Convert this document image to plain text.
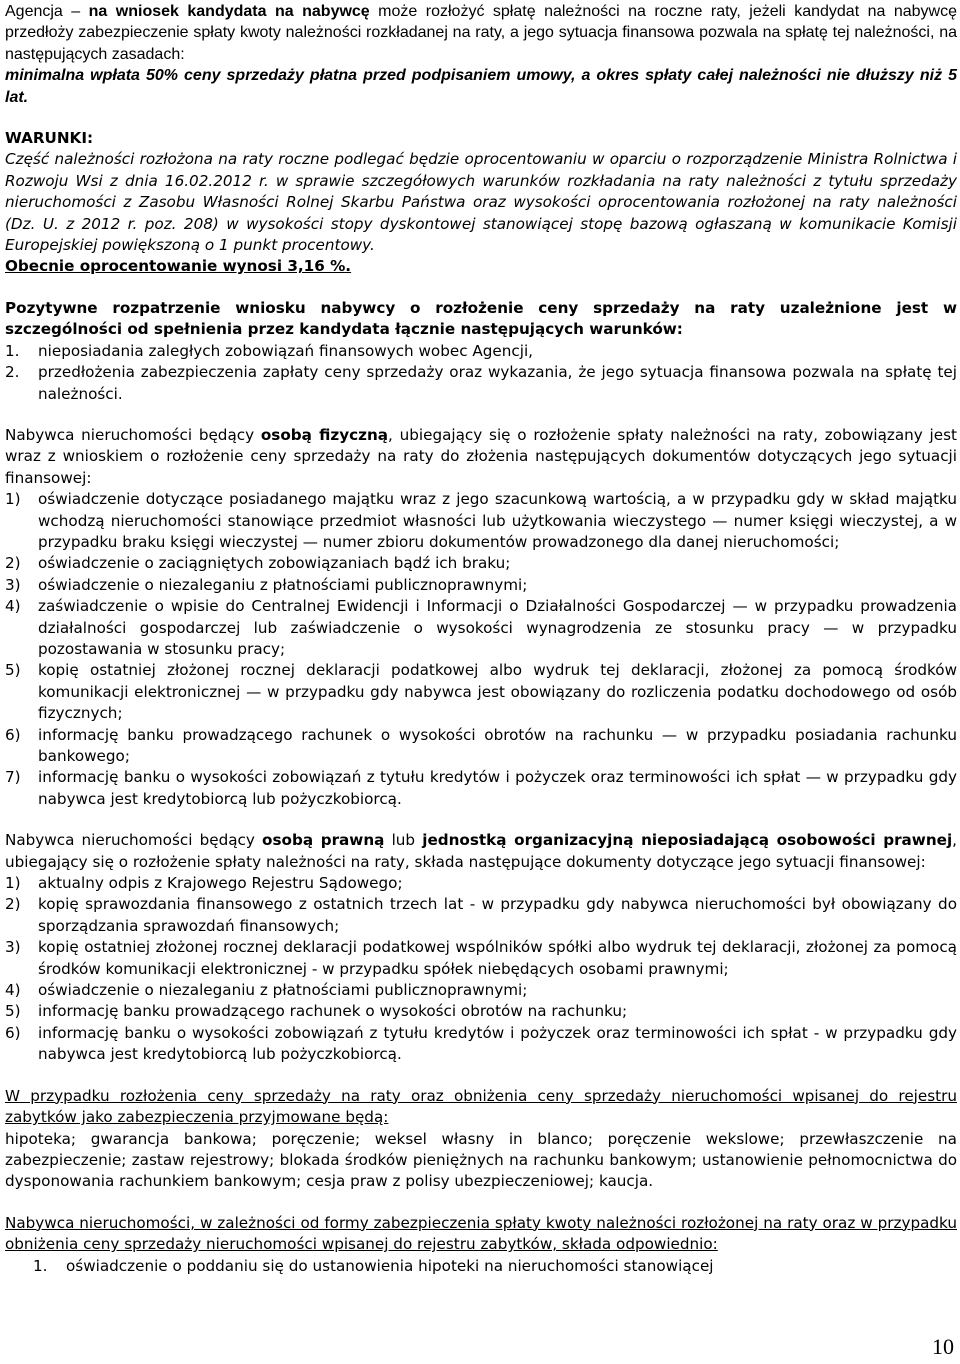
Agencja – na wniosek kandydata na nabywcę może rozłożyć spłatę należności na roczne raty, jeżeli kandydat na nabywcę przedłoży zabezpieczenie spłaty kwoty należności rozkładanej na raty, a jego sytuacja finansowa pozwala na spłatę tej należności, na następujących zasadach:

minimalna wpłata 50% ceny sprzedaży płatna przed podpisaniem umowy, a okres spłaty całej należności nie dłuższy niż 5 lat.

WARUNKI:

Część należności rozłożona na raty roczne podlegać będzie oprocentowaniu w oparciu o rozporządzenie Ministra Rolnictwa i Rozwoju Wsi z dnia 16.02.2012 r. w sprawie szczegółowych warunków rozkładania na raty należności z tytułu sprzedaży nieruchomości z Zasobu Własności Rolnej Skarbu Państwa oraz wysokości oprocentowania rozłożonej na raty należności (Dz. U. z 2012 r. poz. 208) w wysokości stopy dyskontowej stanowiącej stopę bazową ogłaszaną w komunikacie Komisji Europejskiej powiększoną o 1 punkt procentowy.

Obecnie oprocentowanie wynosi 3,16 %.

Pozytywne rozpatrzenie wniosku nabywcy o rozłożenie ceny sprzedaży na raty uzależnione jest w szczególności od spełnienia przez kandydata łącznie następujących warunków:

1. nieposiadania zaległych zobowiązań finansowych wobec Agencji,
2. przedłożenia zabezpieczenia zapłaty ceny sprzedaży oraz wykazania, że jego sytuacja finansowa pozwala na spłatę tej należności.

Nabywca nieruchomości będący osobą fizyczną, ubiegający się o rozłożenie spłaty należności na raty, zobowiązany jest wraz z wnioskiem o rozłożenie ceny sprzedaży na raty do złożenia następujących dokumentów dotyczących jego sytuacji finansowej:

1) oświadczenie dotyczące posiadanego majątku wraz z jego szacunkową wartością, a w przypadku gdy w skład majątku wchodzą nieruchomości stanowiące przedmiot własności lub użytkowania wieczystego — numer księgi wieczystej, a w przypadku braku księgi wieczystej — numer zbioru dokumentów prowadzonego dla danej nieruchomości;
2) oświadczenie o zaciągniętych zobowiązaniach bądź ich braku;
3) oświadczenie o niezaleganiu z płatnościami publicznoprawnymi;
4) zaświadczenie o wpisie do Centralnej Ewidencji i Informacji o Działalności Gospodarczej — w przypadku prowadzenia działalności gospodarczej lub zaświadczenie o wysokości wynagrodzenia ze stosunku pracy — w przypadku pozostawania w stosunku pracy;
5) kopię ostatniej złożonej rocznej deklaracji podatkowej albo wydruk tej deklaracji, złożonej za pomocą środków komunikacji elektronicznej — w przypadku gdy nabywca jest obowiązany do rozliczenia podatku dochodowego od osób fizycznych;
6) informację banku prowadzącego rachunek o wysokości obrotów na rachunku — w przypadku posiadania rachunku bankowego;
7) informację banku o wysokości zobowiązań z tytułu kredytów i pożyczek oraz terminowości ich spłat — w przypadku gdy nabywca jest kredytobiorcą lub pożyczkobiorcą.

Nabywca nieruchomości będący osobą prawną lub jednostką organizacyjną nieposiadającą osobowości prawnej, ubiegający się o rozłożenie spłaty należności na raty, składa następujące dokumenty dotyczące jego sytuacji finansowej:

1) aktualny odpis z Krajowego Rejestru Sądowego;
2) kopię sprawozdania finansowego z ostatnich trzech lat - w przypadku gdy nabywca nieruchomości był obowiązany do sporządzania sprawozdań finansowych;
3) kopię ostatniej złożonej rocznej deklaracji podatkowej wspólników spółki albo wydruk tej deklaracji, złożonej za pomocą środków komunikacji elektronicznej - w przypadku spółek niebędących osobami prawnymi;
4) oświadczenie o niezaleganiu z płatnościami publicznoprawnymi;
5) informację banku prowadzącego rachunek o wysokości obrotów na rachunku;
6) informację banku o wysokości zobowiązań z tytułu kredytów i pożyczek oraz terminowości ich spłat - w przypadku gdy nabywca jest kredytobiorcą lub pożyczkobiorcą.

W przypadku rozłożenia ceny sprzedaży na raty oraz obniżenia ceny sprzedaży nieruchomości wpisanej do rejestru zabytków jako zabezpieczenia przyjmowane będą:

hipoteka; gwarancja bankowa; poręczenie; weksel własny in blanco; poręczenie wekslowe; przewłaszczenie na zabezpieczenie; zastaw rejestrowy; blokada środków pieniężnych na rachunku bankowym; ustanowienie pełnomocnictwa do dysponowania rachunkiem bankowym; cesja praw z polisy ubezpieczeniowej; kaucja.

Nabywca nieruchomości, w zależności od formy zabezpieczenia spłaty kwoty należności rozłożonej na raty oraz w przypadku obniżenia ceny sprzedaży nieruchomości wpisanej do rejestru zabytków, składa odpowiednio:

1. oświadczenie o poddaniu się do ustanowienia hipoteki na nieruchomości stanowiącej
10
